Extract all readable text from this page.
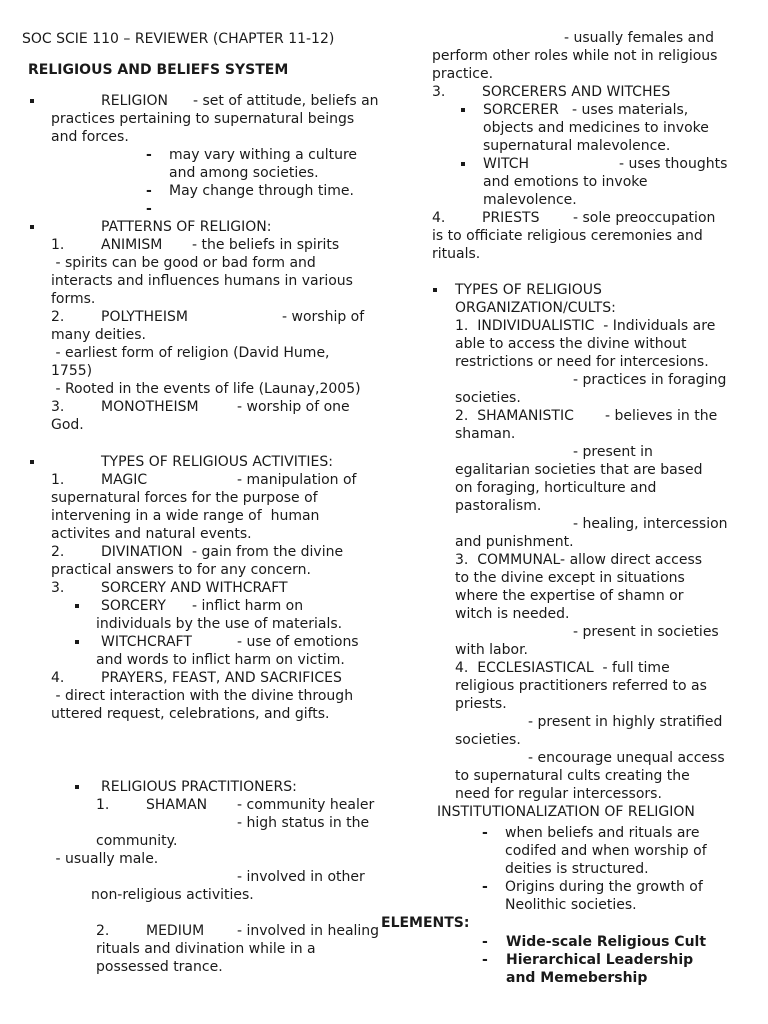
SOC SCIE 110 – REVIEWER (CHAPTER 11-12)
RELIGIOUS AND BELIEFS SYSTEM
RELIGION - set of attitude, beliefs an
practices pertaining to supernatural beings
and forces.
- may vary withing a culture
and among societies.
- May change through time.
-
PATTERNS OF RELIGION:
1.	ANIMISM - the beliefs in spirits
- spirits can be good or bad form and
interacts and influences humans in various
forms.
2.	POLYTHEISM	- worship of
many deities.
- earliest form of religion (David Hume,
1755)
- Rooted in the events of life (Launay,2005)
3.	MONOTHEISM	- worship of one
God.
TYPES OF RELIGIOUS ACTIVITIES:
1.	MAGIC	- manipulation of
supernatural forces for the purpose of
intervening in a wide range of  human
activites and natural events.
2.	DIVINATION - gain from the divine
practical answers to for any concern.
3.	SORCERY AND WITHCRAFT
SORCERY - inflict harm on
individuals by the use of materials.
WITCHCRAFT	- use of emotions
and words to inflict harm on victim.
4.	PRAYERS, FEAST, AND SACRIFICES
- direct interaction with the divine through
uttered request, celebrations, and gifts.
RELIGIOUS PRACTITIONERS:
1.	SHAMAN - community healer
- high status in the
community.
- usually male.
- involved in other
non-religious activities.
2.	MEDIUM - involved in healing
rituals and divination while in a
possessed trance.
- usually females and
perform other roles while not in religious
practice.
3.	SORCERERS AND WITCHES
SORCERER - uses materials,
objects and medicines to invoke
supernatural malevolence.
WITCH	- uses thoughts
and emotions to invoke
malevolence.
4.	PRIESTS - sole preoccupation
is to officiate religious ceremonies and
rituals.
TYPES OF RELIGIOUS
ORGANIZATION/CULTS:
1.  INDIVIDUALISTIC  - Individuals are
able to access the divine without
restrictions or need for intercesions.
- practices in foraging
societies.
2.  SHAMANISTIC       - believes in the
shaman.
- present in
egalitarian societies that are based
on foraging, horticulture and
pastoralism.
- healing, intercession
and punishment.
3.  COMMUNAL- allow direct access
to the divine except in situations
where the expertise of shamn or
witch is needed.
- present in societies
with labor.
4.  ECCLESIASTICAL  - full time
religious practitioners referred to as
priests.
- present in highly stratified
societies.
- encourage unequal access
to supernatural cults creating the
need for regular intercessors.
INSTITUTIONALIZATION OF RELIGION
- when beliefs and rituals are
codifed and when worship of
deities is structured.
- Origins during the growth of
Neolithic societies.
ELEMENTS:
- Wide-scale Religious Cult
- Hierarchical Leadership
and Memebership
